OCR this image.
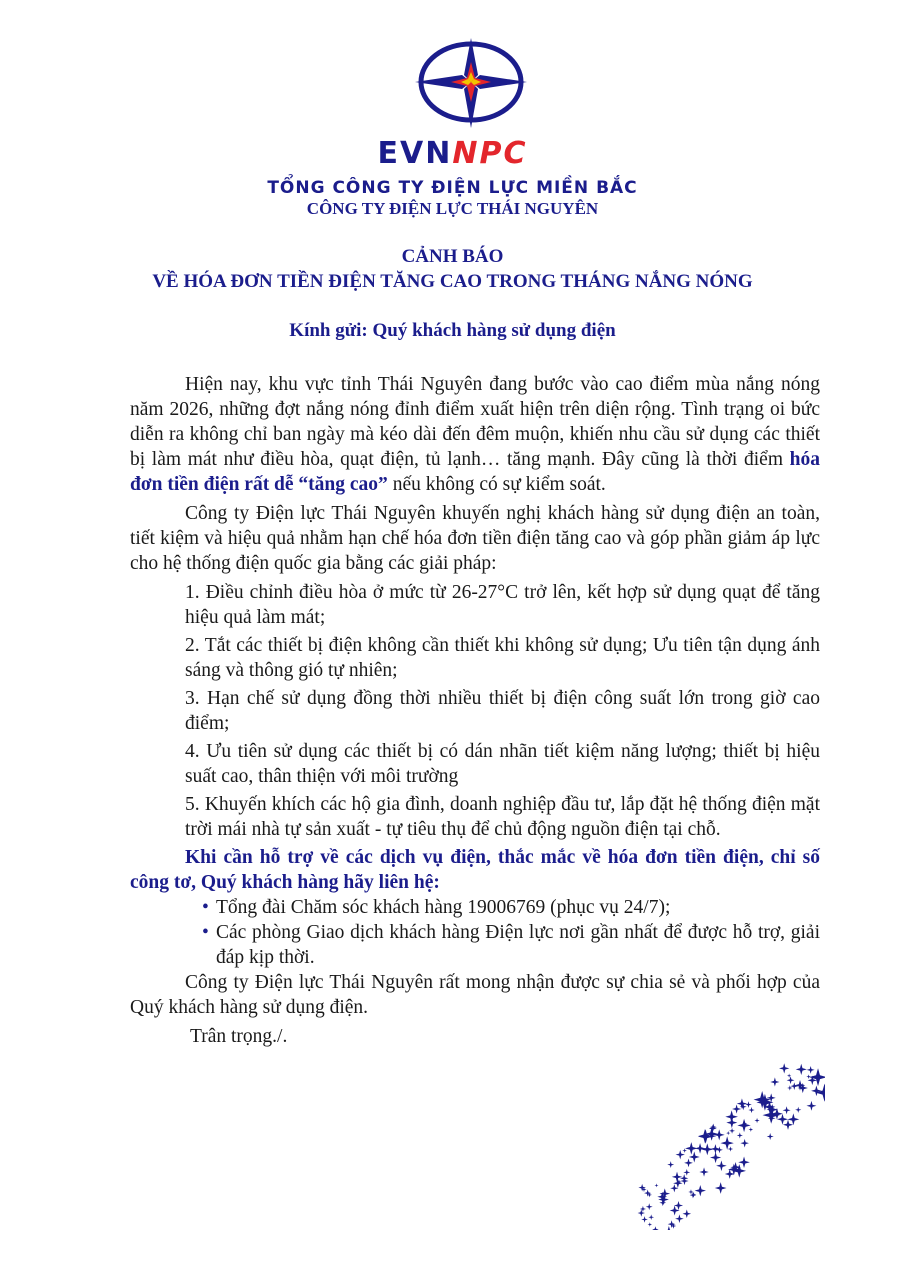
EVNNPC
TỔNG CÔNG TY ĐIỆN LỰC MIỀN BẮC
CÔNG TY ĐIỆN LỰC THÁI NGUYÊN
CẢNH BÁO
VỀ HÓA ĐƠN TIỀN ĐIỆN TĂNG CAO TRONG THÁNG NẮNG NÓNG
Kính gửi: Quý khách hàng sử dụng điện

Hiện nay, khu vực tỉnh Thái Nguyên đang bước vào cao điểm mùa nắng nóng năm 2026, những đợt nắng nóng đỉnh điểm xuất hiện trên diện rộng. Tình trạng oi bức diễn ra không chỉ ban ngày mà kéo dài đến đêm muộn, khiến nhu cầu sử dụng các thiết bị làm mát như điều hòa, quạt điện, tủ lạnh… tăng mạnh. Đây cũng là thời điểm hóa đơn tiền điện rất dễ “tăng cao” nếu không có sự kiểm soát.

Công ty Điện lực Thái Nguyên khuyến nghị khách hàng sử dụng điện an toàn, tiết kiệm và hiệu quả nhằm hạn chế hóa đơn tiền điện tăng cao và góp phần giảm áp lực cho hệ thống điện quốc gia bằng các giải pháp:

1. Điều chỉnh điều hòa ở mức từ 26-27°C trở lên, kết hợp sử dụng quạt để tăng hiệu quả làm mát;
2. Tắt các thiết bị điện không cần thiết khi không sử dụng; Ưu tiên tận dụng ánh sáng và thông gió tự nhiên;
3. Hạn chế sử dụng đồng thời nhiều thiết bị điện công suất lớn trong giờ cao điểm;
4. Ưu tiên sử dụng các thiết bị có dán nhãn tiết kiệm năng lượng; thiết bị hiệu suất cao, thân thiện với môi trường
5. Khuyến khích các hộ gia đình, doanh nghiệp đầu tư, lắp đặt hệ thống điện mặt trời mái nhà tự sản xuất - tự tiêu thụ để chủ động nguồn điện tại chỗ.

Khi cần hỗ trợ về các dịch vụ điện, thắc mắc về hóa đơn tiền điện, chỉ số công tơ, Quý khách hàng hãy liên hệ:

• Tổng đài Chăm sóc khách hàng 19006769 (phục vụ 24/7);
• Các phòng Giao dịch khách hàng Điện lực nơi gần nhất để được hỗ trợ, giải đáp kịp thời.

Công ty Điện lực Thái Nguyên rất mong nhận được sự chia sẻ và phối hợp của Quý khách hàng sử dụng điện.

Trân trọng./.
